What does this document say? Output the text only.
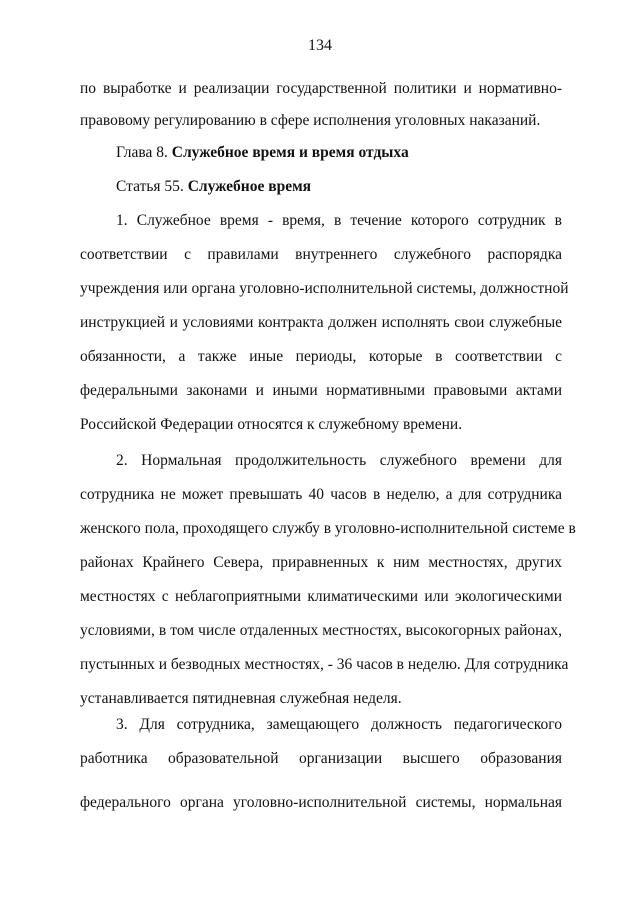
134
по выработке и реализации государственной политики и нормативно-
правовому регулированию в сфере исполнения уголовных наказаний.
Глава 8. Служебное время и время отдыха
Статья 55. Служебное время
1. Служебное время - время, в течение которого сотрудник в
соответствии с правилами внутреннего служебного распорядка
учреждения или органа уголовно-исполнительной системы, должностной
инструкцией и условиями контракта должен исполнять свои служебные
обязанности, а также иные периоды, которые в соответствии с
федеральными законами и иными нормативными правовыми актами
Российской Федерации относятся к служебному времени.
2. Нормальная продолжительность служебного времени для
сотрудника не может превышать 40 часов в неделю, а для сотрудника
женского пола, проходящего службу в уголовно-исполнительной системе в
районах Крайнего Севера, приравненных к ним местностях, других
местностях с неблагоприятными климатическими или экологическими
условиями, в том числе отдаленных местностях, высокогорных районах,
пустынных и безводных местностях, - 36 часов в неделю. Для сотрудника
устанавливается пятидневная служебная неделя.
3. Для сотрудника, замещающего должность педагогического
работника образовательной организации высшего образования
федерального органа уголовно-исполнительной системы, нормальная
